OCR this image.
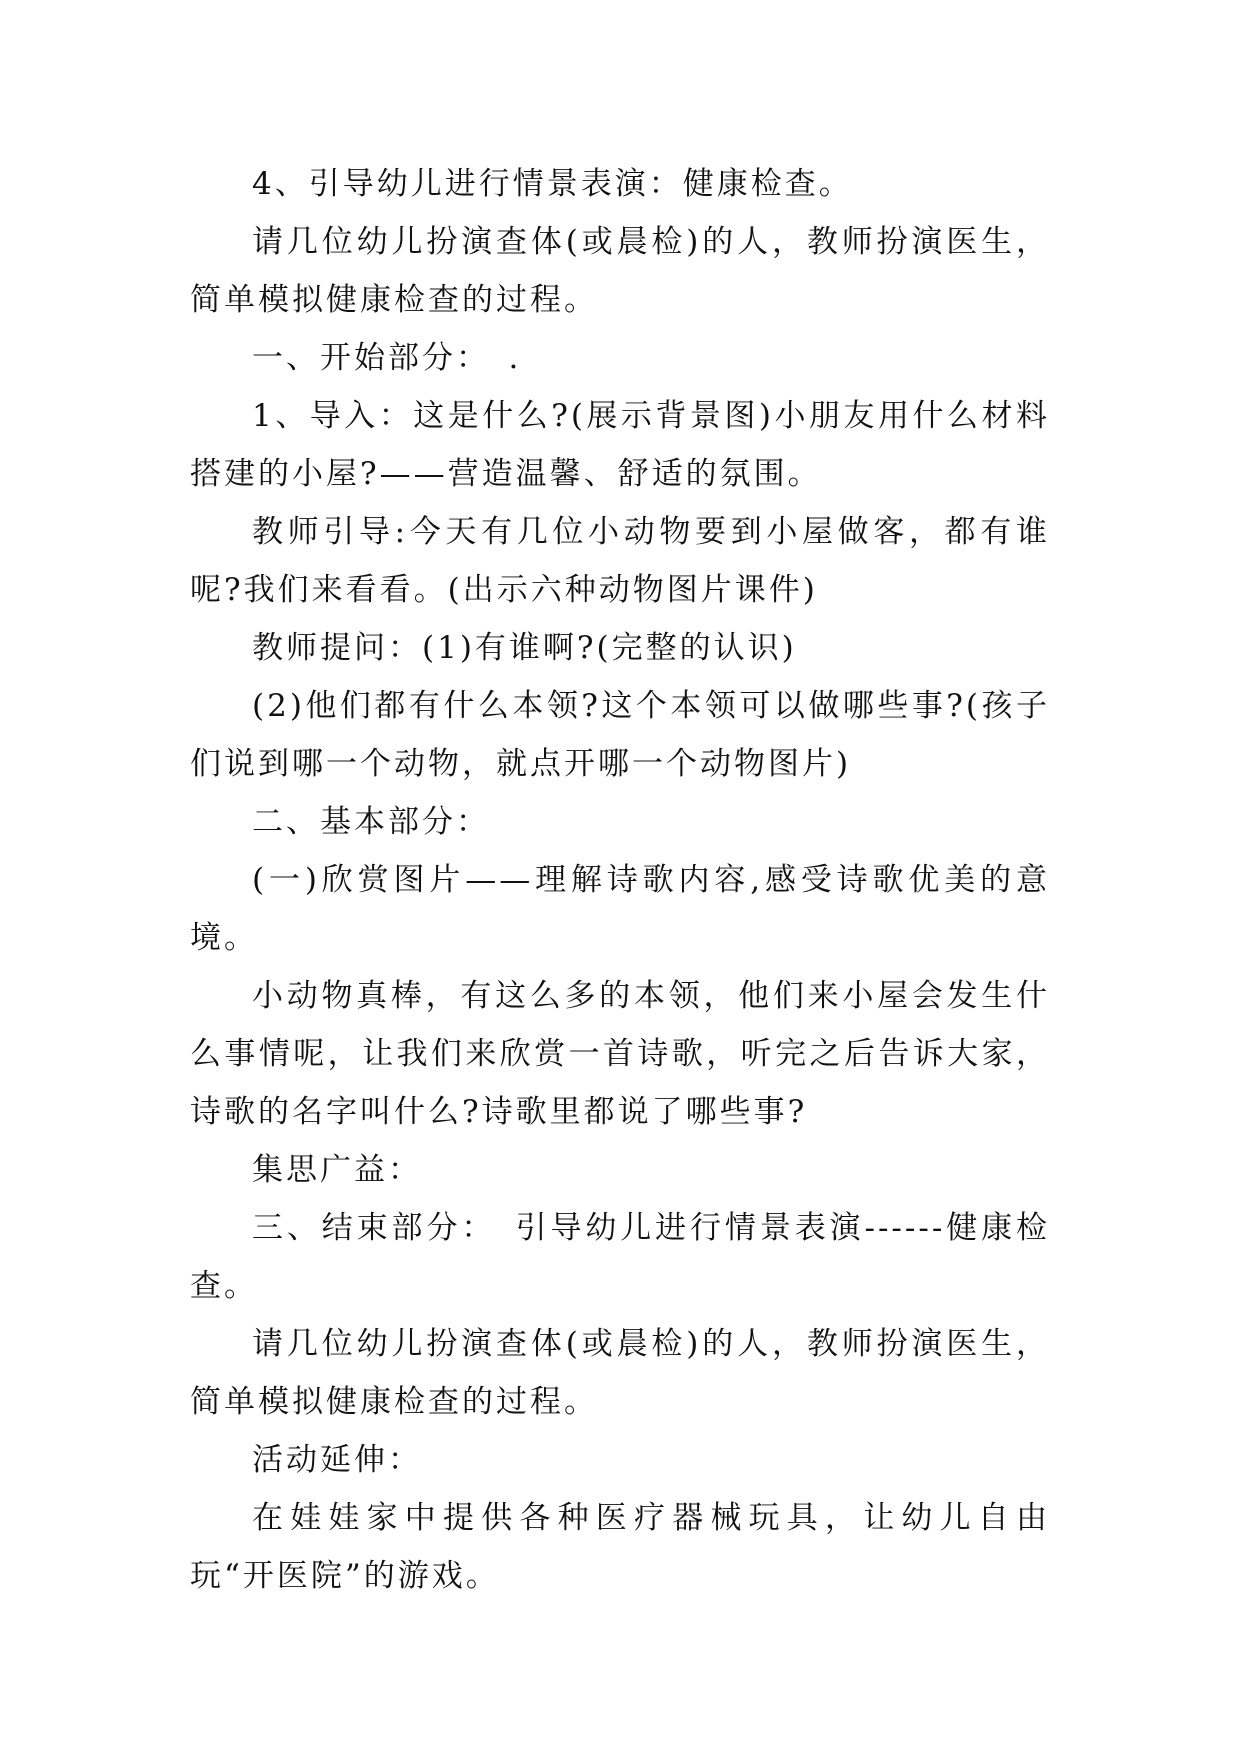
4、引导幼儿进行情景表演：健康检查。

请几位幼儿扮演查体(或晨检)的人，教师扮演医生，简单模拟健康检查的过程。

一、开始部分：　.

1、导入：这是什么?(展示背景图)小朋友用什么材料搭建的小屋?——营造温馨、舒适的氛围。

教师引导:今天有几位小动物要到小屋做客，都有谁呢?我们来看看。(出示六种动物图片课件)

教师提问：(1)有谁啊?(完整的认识)

(2)他们都有什么本领?这个本领可以做哪些事?(孩子们说到哪一个动物，就点开哪一个动物图片)

二、基本部分：

(一)欣赏图片——理解诗歌内容,感受诗歌优美的意境。

小动物真棒，有这么多的本领，他们来小屋会发生什么事情呢，让我们来欣赏一首诗歌，听完之后告诉大家，诗歌的名字叫什么?诗歌里都说了哪些事?

集思广益：

三、结束部分：　引导幼儿进行情景表演------健康检查。

请几位幼儿扮演查体(或晨检)的人，教师扮演医生，简单模拟健康检查的过程。

活动延伸：

在娃娃家中提供各种医疗器械玩具，让幼儿自由玩“开医院”的游戏。
